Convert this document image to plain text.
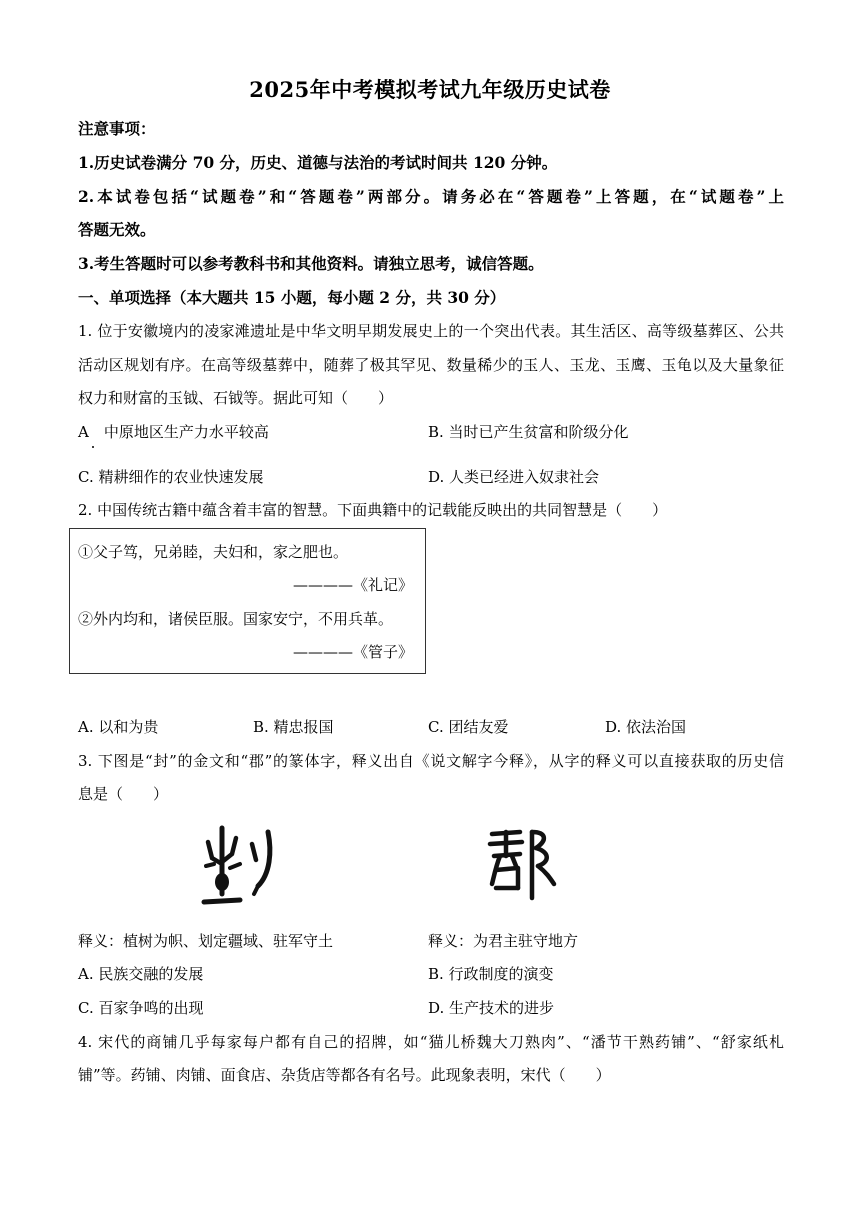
2025年中考模拟考试九年级历史试卷
注意事项：
1.历史试卷满分 70 分，历史、道德与法治的考试时间共 120 分钟。
2.本试卷包括“试题卷”和“答题卷”两部分。请务必在“答题卷”上答题，在“试题卷”上
答题无效。
3.考生答题时可以参考教科书和其他资料。请独立思考，诚信答题。
一、单项选择（本大题共 15 小题，每小题 2 分，共 30 分）
1. 位于安徽境内的凌家滩遗址是中华文明早期发展史上的一个突出代表。其生活区、高等级墓葬区、公共
活动区规划有序。在高等级墓葬中，随葬了极其罕见、数量稀少的玉人、玉龙、玉鹰、玉龟以及大量象征
权力和财富的玉钺、石钺等。据此可知（　　）
A　中原地区生产力水平较高	B. 当时已产生贫富和阶级分化
C. 精耕细作的农业快速发展	D. 人类已经进入奴隶社会
2. 中国传统古籍中蕴含着丰富的智慧。下面典籍中的记载能反映出的共同智慧是（　　）
①父子笃，兄弟睦，夫妇和，家之肥也。
————《礼记》
②外内均和，诸侯臣服。国家安宁，不用兵革。
————《管子》
A. 以和为贵	B. 精忠报国	C. 团结友爱	D. 依法治国
3. 下图是“封”的金文和“郡”的篆体字，释义出自《说文解字今释》，从字的释义可以直接获取的历史信
息是（　　）
释义：植树为帜、划定疆域、驻军守土	释义：为君主驻守地方
A. 民族交融的发展	B. 行政制度的演变
C. 百家争鸣的出现	D. 生产技术的进步
4. 宋代的商铺几乎每家每户都有自己的招牌，如“猫儿桥魏大刀熟肉”、“潘节干熟药铺”、“舒家纸札
铺”等。药铺、肉铺、面食店、杂货店等都各有名号。此现象表明，宋代（　　）
